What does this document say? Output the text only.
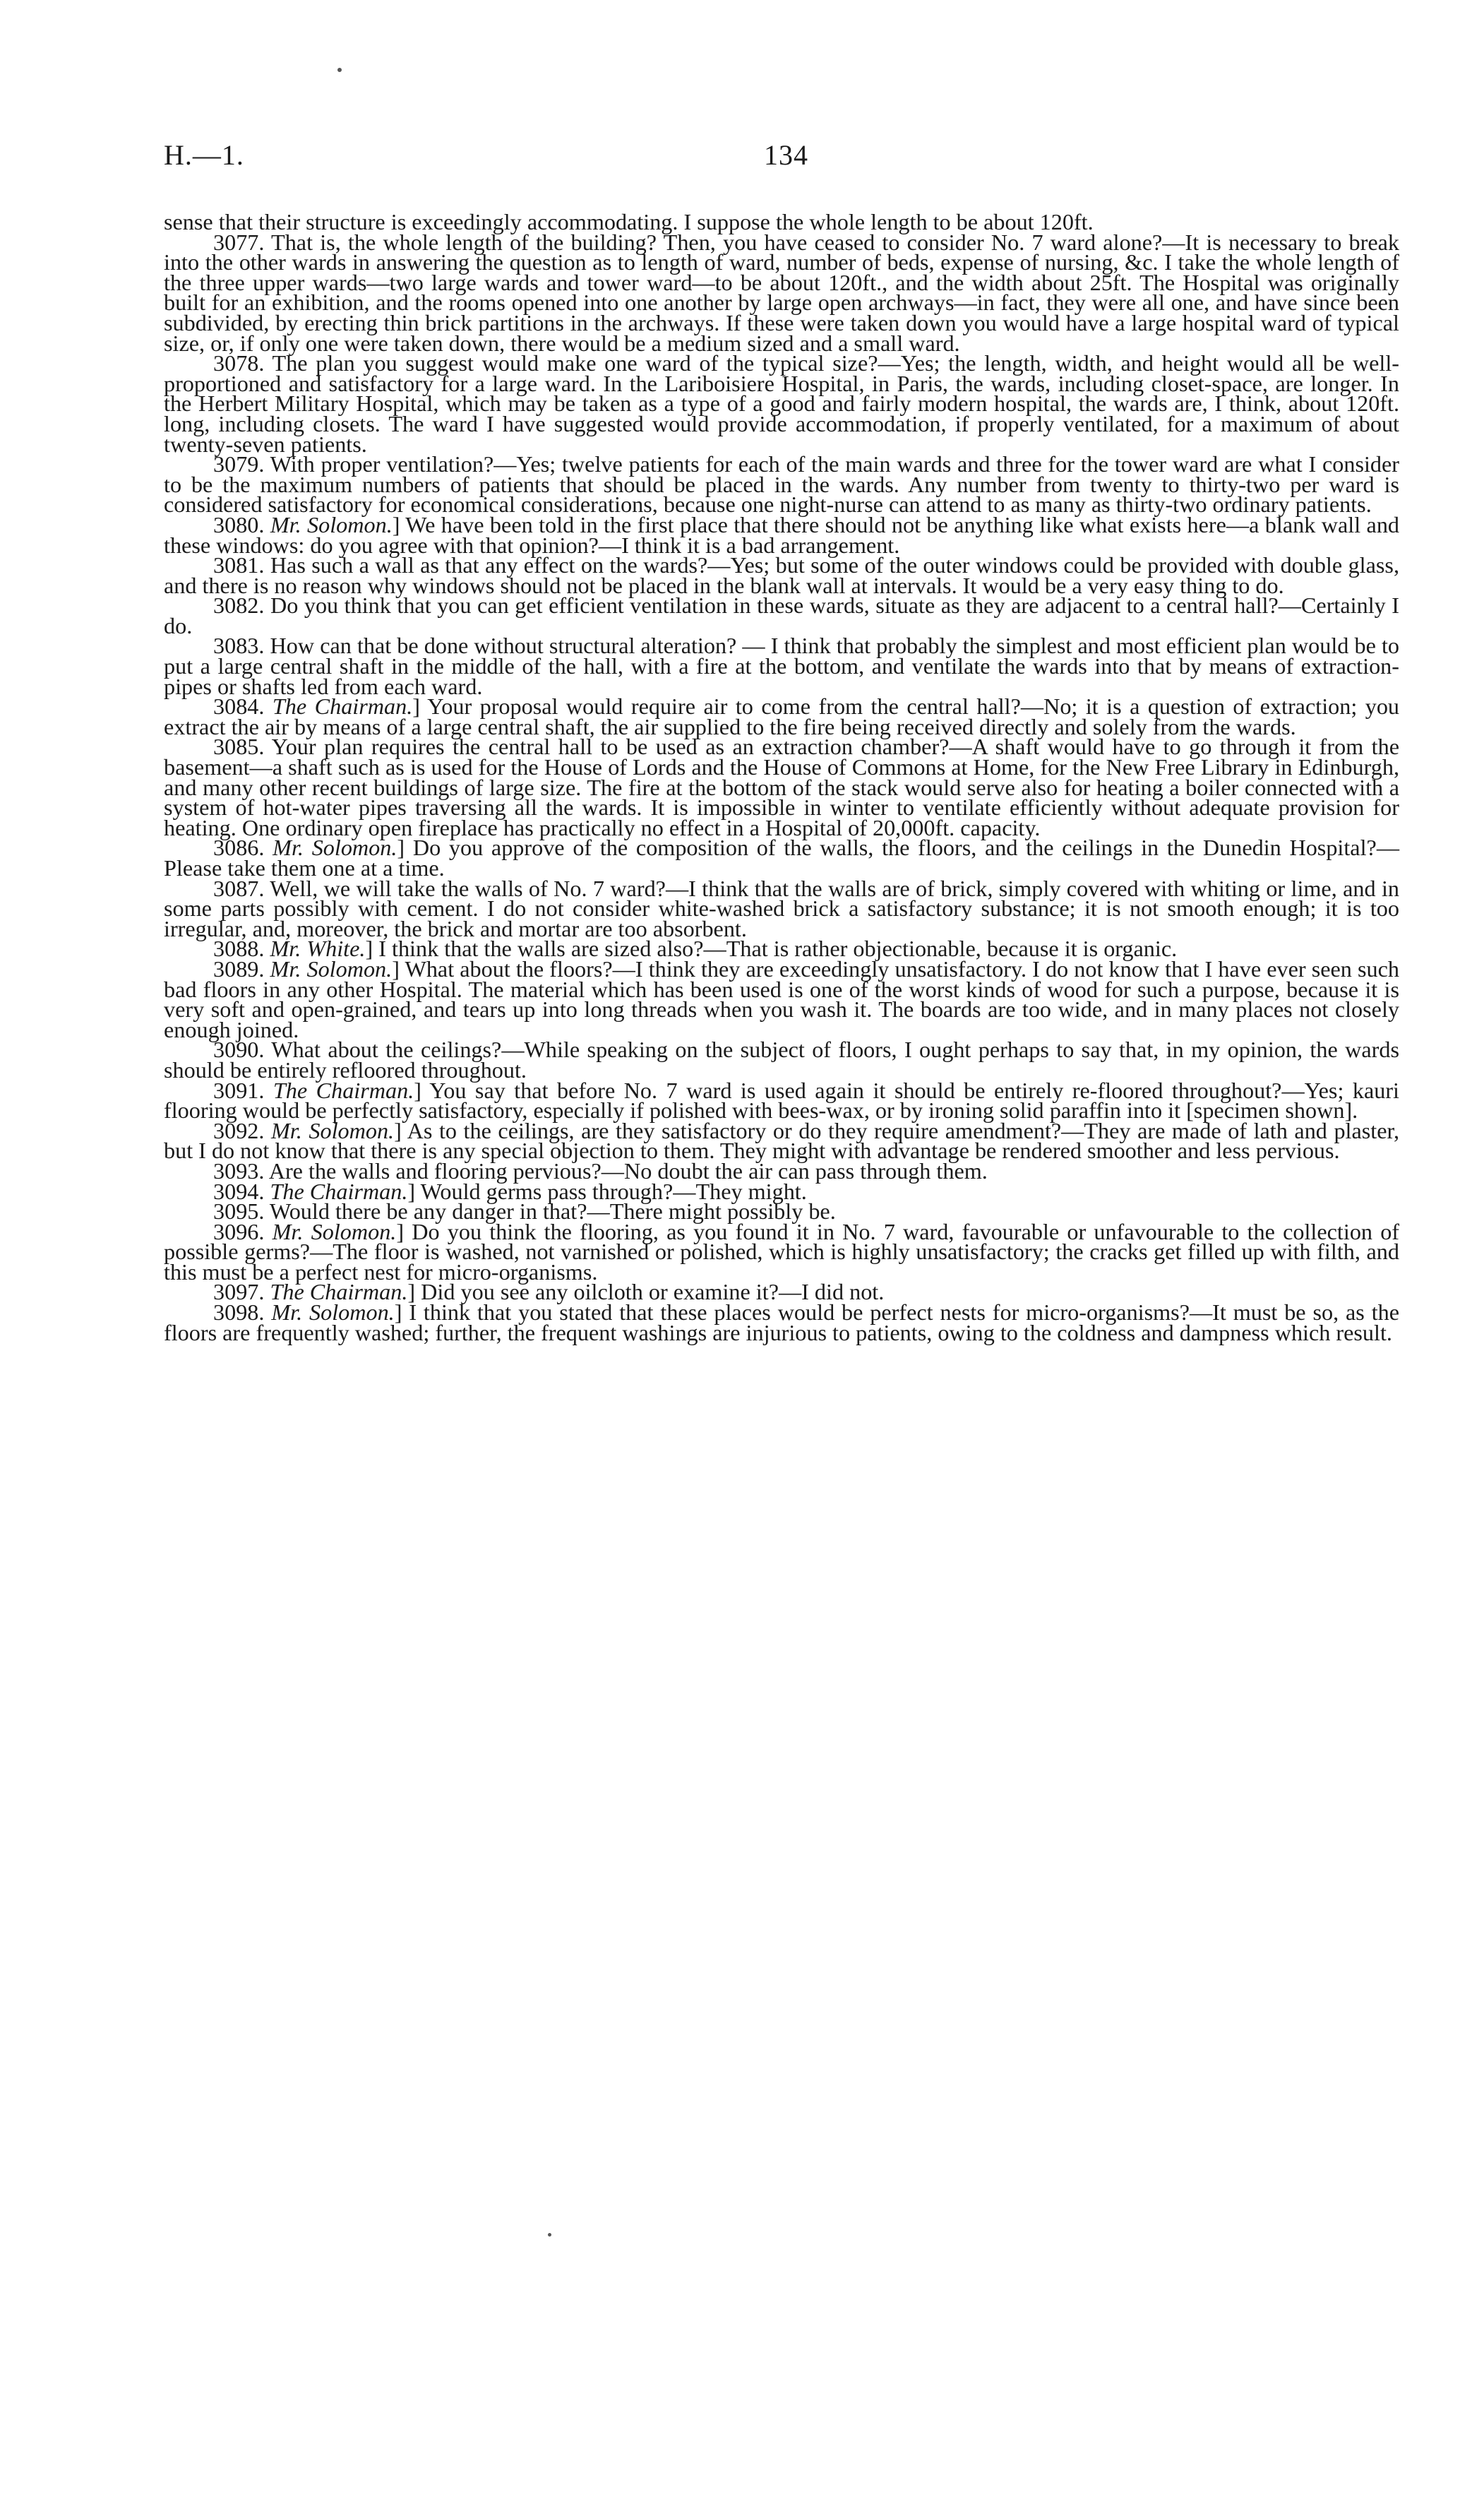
H.—1.	134

sense that their structure is exceedingly accommodating. I suppose the whole length to be about 120ft.

3077. That is, the whole length of the building? Then, you have ceased to consider No. 7 ward alone?—It is necessary to break into the other wards in answering the question as to length of ward, number of beds, expense of nursing, &c. I take the whole length of the three upper wards—two large wards and tower ward—to be about 120ft., and the width about 25ft. The Hospital was originally built for an exhibition, and the rooms opened into one another by large open archways—in fact, they were all one, and have since been subdivided, by erecting thin brick partitions in the archways. If these were taken down you would have a large hospital ward of typical size, or, if only one were taken down, there would be a medium sized and a small ward.

3078. The plan you suggest would make one ward of the typical size?—Yes; the length, width, and height would all be well-proportioned and satisfactory for a large ward. In the Lariboisiere Hospital, in Paris, the wards, including closet-space, are longer. In the Herbert Military Hospital, which may be taken as a type of a good and fairly modern hospital, the wards are, I think, about 120ft. long, including closets. The ward I have suggested would provide accommodation, if properly ventilated, for a maximum of about twenty-seven patients.

3079. With proper ventilation?—Yes; twelve patients for each of the main wards and three for the tower ward are what I consider to be the maximum numbers of patients that should be placed in the wards. Any number from twenty to thirty-two per ward is considered satisfactory for economical considerations, because one night-nurse can attend to as many as thirty-two ordinary patients.

3080. Mr. Solomon.] We have been told in the first place that there should not be anything like what exists here—a blank wall and these windows: do you agree with that opinion?—I think it is a bad arrangement.

3081. Has such a wall as that any effect on the wards?—Yes; but some of the outer windows could be provided with double glass, and there is no reason why windows should not be placed in the blank wall at intervals. It would be a very easy thing to do.

3082. Do you think that you can get efficient ventilation in these wards, situate as they are adjacent to a central hall?—Certainly I do.

3083. How can that be done without structural alteration? — I think that probably the simplest and most efficient plan would be to put a large central shaft in the middle of the hall, with a fire at the bottom, and ventilate the wards into that by means of extraction-pipes or shafts led from each ward.

3084. The Chairman.] Your proposal would require air to come from the central hall?—No; it is a question of extraction; you extract the air by means of a large central shaft, the air supplied to the fire being received directly and solely from the wards.

3085. Your plan requires the central hall to be used as an extraction chamber?—A shaft would have to go through it from the basement—a shaft such as is used for the House of Lords and the House of Commons at Home, for the New Free Library in Edinburgh, and many other recent buildings of large size. The fire at the bottom of the stack would serve also for heating a boiler connected with a system of hot-water pipes traversing all the wards. It is impossible in winter to ventilate efficiently without adequate provision for heating. One ordinary open fireplace has practically no effect in a Hospital of 20,000ft. capacity.

3086. Mr. Solomon.] Do you approve of the composition of the walls, the floors, and the ceilings in the Dunedin Hospital?—Please take them one at a time.

3087. Well, we will take the walls of No. 7 ward?—I think that the walls are of brick, simply covered with whiting or lime, and in some parts possibly with cement. I do not consider white-washed brick a satisfactory substance; it is not smooth enough; it is too irregular, and, moreover, the brick and mortar are too absorbent.

3088. Mr. White.] I think that the walls are sized also?—That is rather objectionable, because it is organic.

3089. Mr. Solomon.] What about the floors?—I think they are exceedingly unsatisfactory. I do not know that I have ever seen such bad floors in any other Hospital. The material which has been used is one of the worst kinds of wood for such a purpose, because it is very soft and open-grained, and tears up into long threads when you wash it. The boards are too wide, and in many places not closely enough joined.

3090. What about the ceilings?—While speaking on the subject of floors, I ought perhaps to say that, in my opinion, the wards should be entirely refloored throughout.

3091. The Chairman.] You say that before No. 7 ward is used again it should be entirely re-floored throughout?—Yes; kauri flooring would be perfectly satisfactory, especially if polished with bees-wax, or by ironing solid paraffin into it [specimen shown].

3092. Mr. Solomon.] As to the ceilings, are they satisfactory or do they require amendment?—They are made of lath and plaster, but I do not know that there is any special objection to them. They might with advantage be rendered smoother and less pervious.

3093. Are the walls and flooring pervious?—No doubt the air can pass through them.

3094. The Chairman.] Would germs pass through?—They might.

3095. Would there be any danger in that?—There might possibly be.

3096. Mr. Solomon.] Do you think the flooring, as you found it in No. 7 ward, favourable or unfavourable to the collection of possible germs?—The floor is washed, not varnished or polished, which is highly unsatisfactory; the cracks get filled up with filth, and this must be a perfect nest for micro-organisms.

3097. The Chairman.] Did you see any oilcloth or examine it?—I did not.

3098. Mr. Solomon.] I think that you stated that these places would be perfect nests for micro-organisms?—It must be so, as the floors are frequently washed; further, the frequent washings are injurious to patients, owing to the coldness and dampness which result.
